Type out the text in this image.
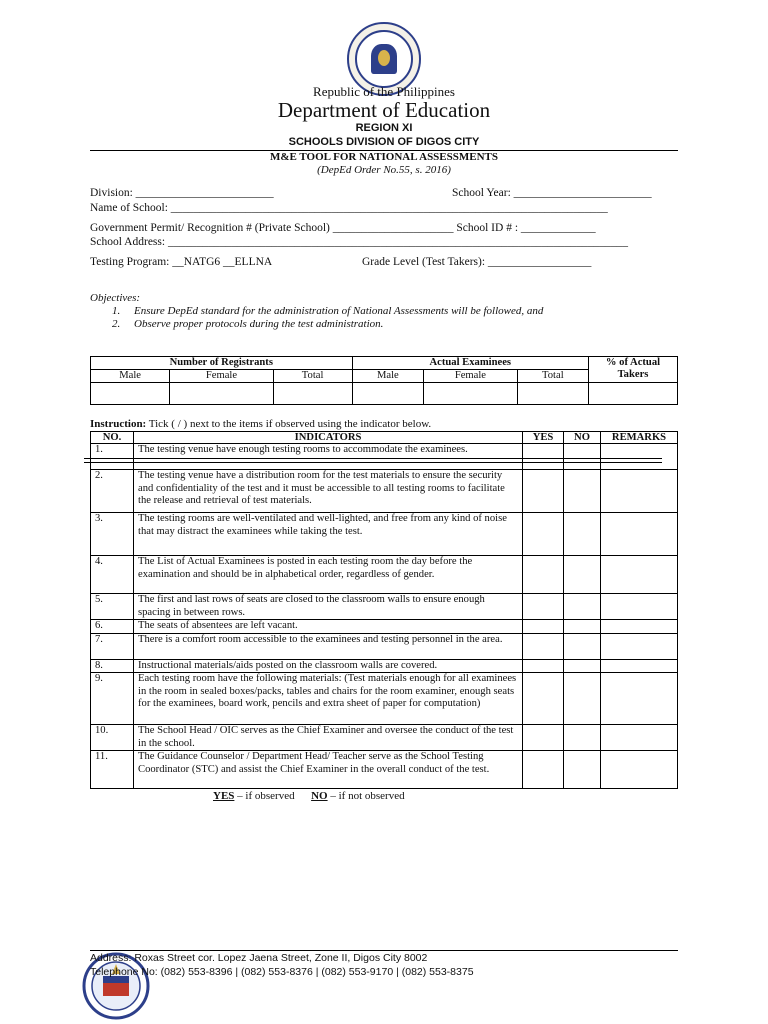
Republic of the Philippines
Department of Education
REGION XI
SCHOOLS DIVISION OF DIGOS CITY
M&E TOOL FOR NATIONAL ASSESSMENTS
(DepEd Order No.55, s. 2016)
Division: ________________________	School Year: ________________________
Name of School: ____________________________________________________________________________
Government Permit/ Recognition # (Private School) _____________________ School ID # : _____________
School Address: ________________________________________________________________________________
Testing Program: __NATG6 __ELLNA	Grade Level (Test Takers): __________________
Objectives:
1. Ensure DepEd standard for the administration of National Assessments will be followed, and
2. Observe proper protocols during the test administration.
Number of Registrants			Actual Examinees			% of Actual Takers
Male	Female	Total	Male	Female	Total	

Instruction: Tick ( / ) next to the items if observed using the indicator below.
NO.	INDICATORS	YES	NO	REMARKS
1.	The testing venue have enough testing rooms to accommodate the examinees.			

2.	The testing venue have a distribution room for the test materials to ensure the security and confidentiality of the test and it must be accessible to all testing rooms to facilitate the release and retrieval of test materials.			
3.	The testing rooms are well-ventilated and well-lighted, and free from any kind of noise that may distract the examinees while taking the test.			
4.	The List of Actual Examinees is posted in each testing room the day before the examination and should be in alphabetical order, regardless of gender.			
5.	The first and last rows of seats are closed to the classroom walls to ensure enough spacing in between rows.			
6.	The seats of absentees are left vacant.			
7.	There is a comfort room accessible to the examinees and testing personnel in the area.			
8.	Instructional materials/aids posted on the classroom walls are covered.			
9.	Each testing room have the following materials: (Test materials enough for all examinees in the room in sealed boxes/packs, tables and chairs for the room examiner, enough seats for the examinees, board work, pencils and extra sheet of paper for computation)			
10.	The School Head / OIC serves as the Chief Examiner and oversee the conduct of the test in the school.			
11.	The Guidance Counselor / Department Head/ Teacher serve as the School Testing Coordinator (STC) and assist the Chief Examiner in the overall conduct of the test.			
YES – if observed NO – if not observed
Address: Roxas Street cor. Lopez Jaena Street, Zone II, Digos City 8002
Telephone No: (082) 553-8396 | (082) 553-8376 | (082) 553-9170 | (082) 553-8375
